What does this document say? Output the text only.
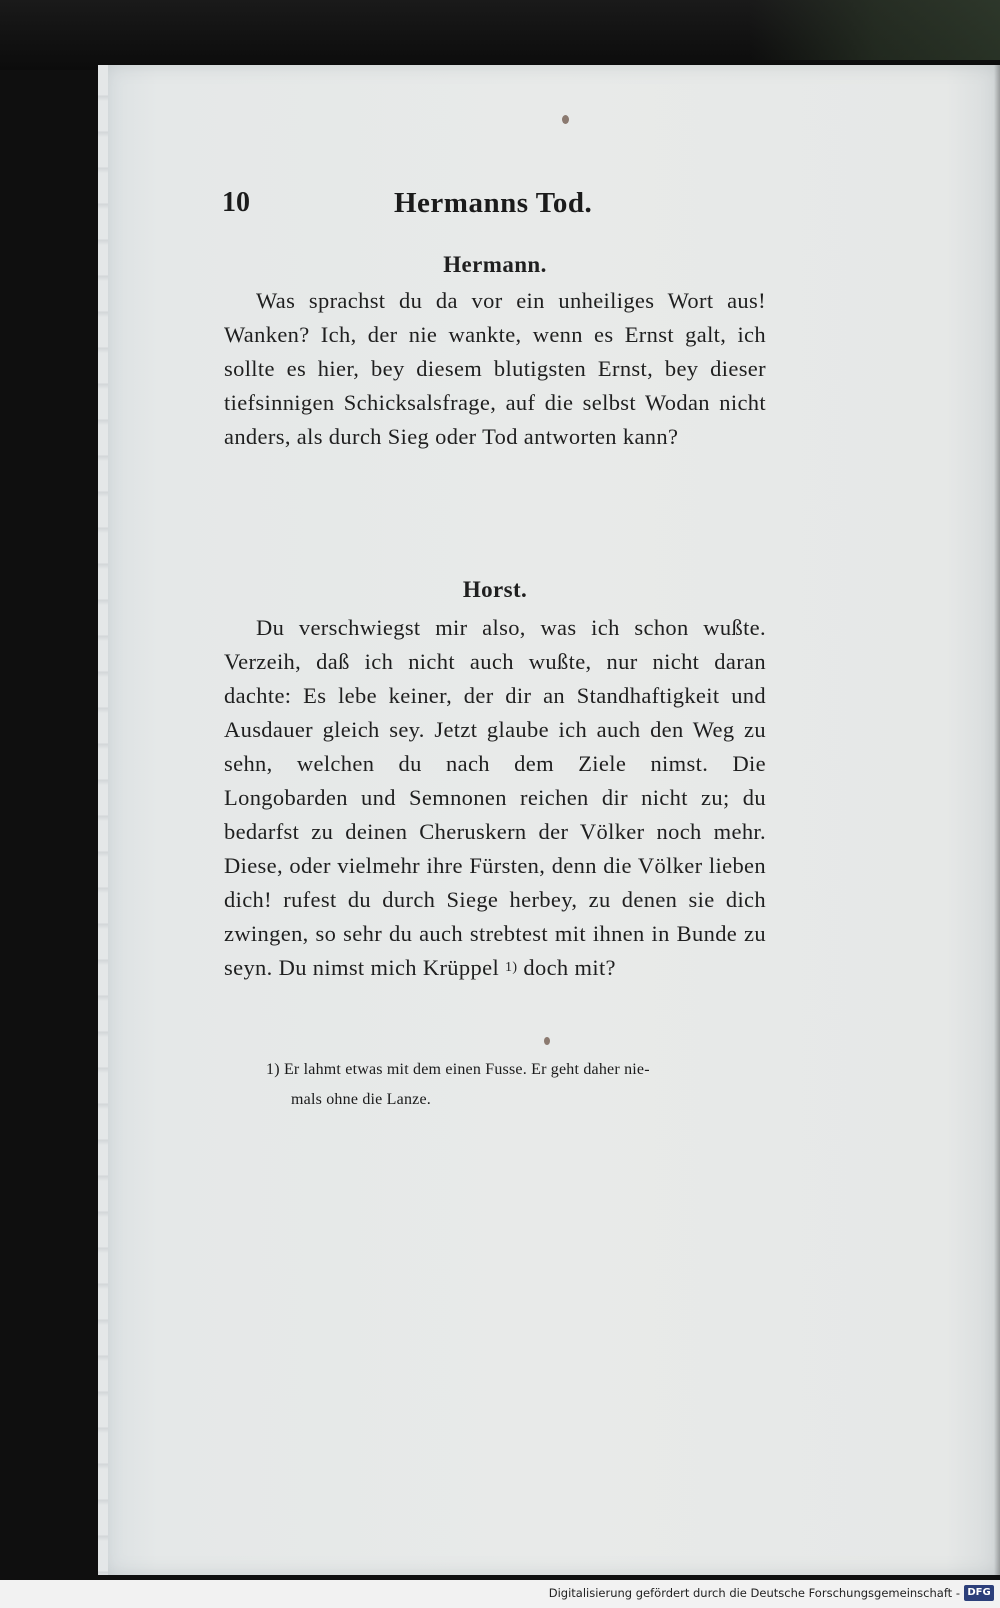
10	Hermanns Tod.
Hermann.
Was sprachst du da vor ein unheiliges Wort aus! Wanken? Ich, der nie wankte, wenn es Ernst galt, ich sollte es hier, bey diesem blutigsten Ernst, bey dieser tiefsinnigen Schicksalsfrage, auf die selbst Wodan nicht anders, als durch Sieg oder Tod antworten kann?
Horst.
Du verschwiegst mir also, was ich schon wußte. Verzeih, daß ich nicht auch wußte, nur nicht daran dachte: Es lebe keiner, der dir an Standhaftigkeit und Ausdauer gleich sey. Jetzt glaube ich auch den Weg zu sehn, welchen du nach dem Ziele nimst. Die Longobarden und Semnonen reichen dir nicht zu; du bedarfst zu deinen Cheruskern der Völker noch mehr. Diese, oder vielmehr ihre Fürsten, denn die Völker lieben dich! rufest du durch Siege herbey, zu denen sie dich zwingen, so sehr du auch strebtest mit ihnen in Bunde zu seyn. Du nimst mich Krüppel 1) doch mit?
1) Er lahmt etwas mit dem einen Fusse. Er geht daher nie-
mals ohne die Lanze.
Digitalisierung gefördert durch die Deutsche Forschungsgemeinschaft - DFG
